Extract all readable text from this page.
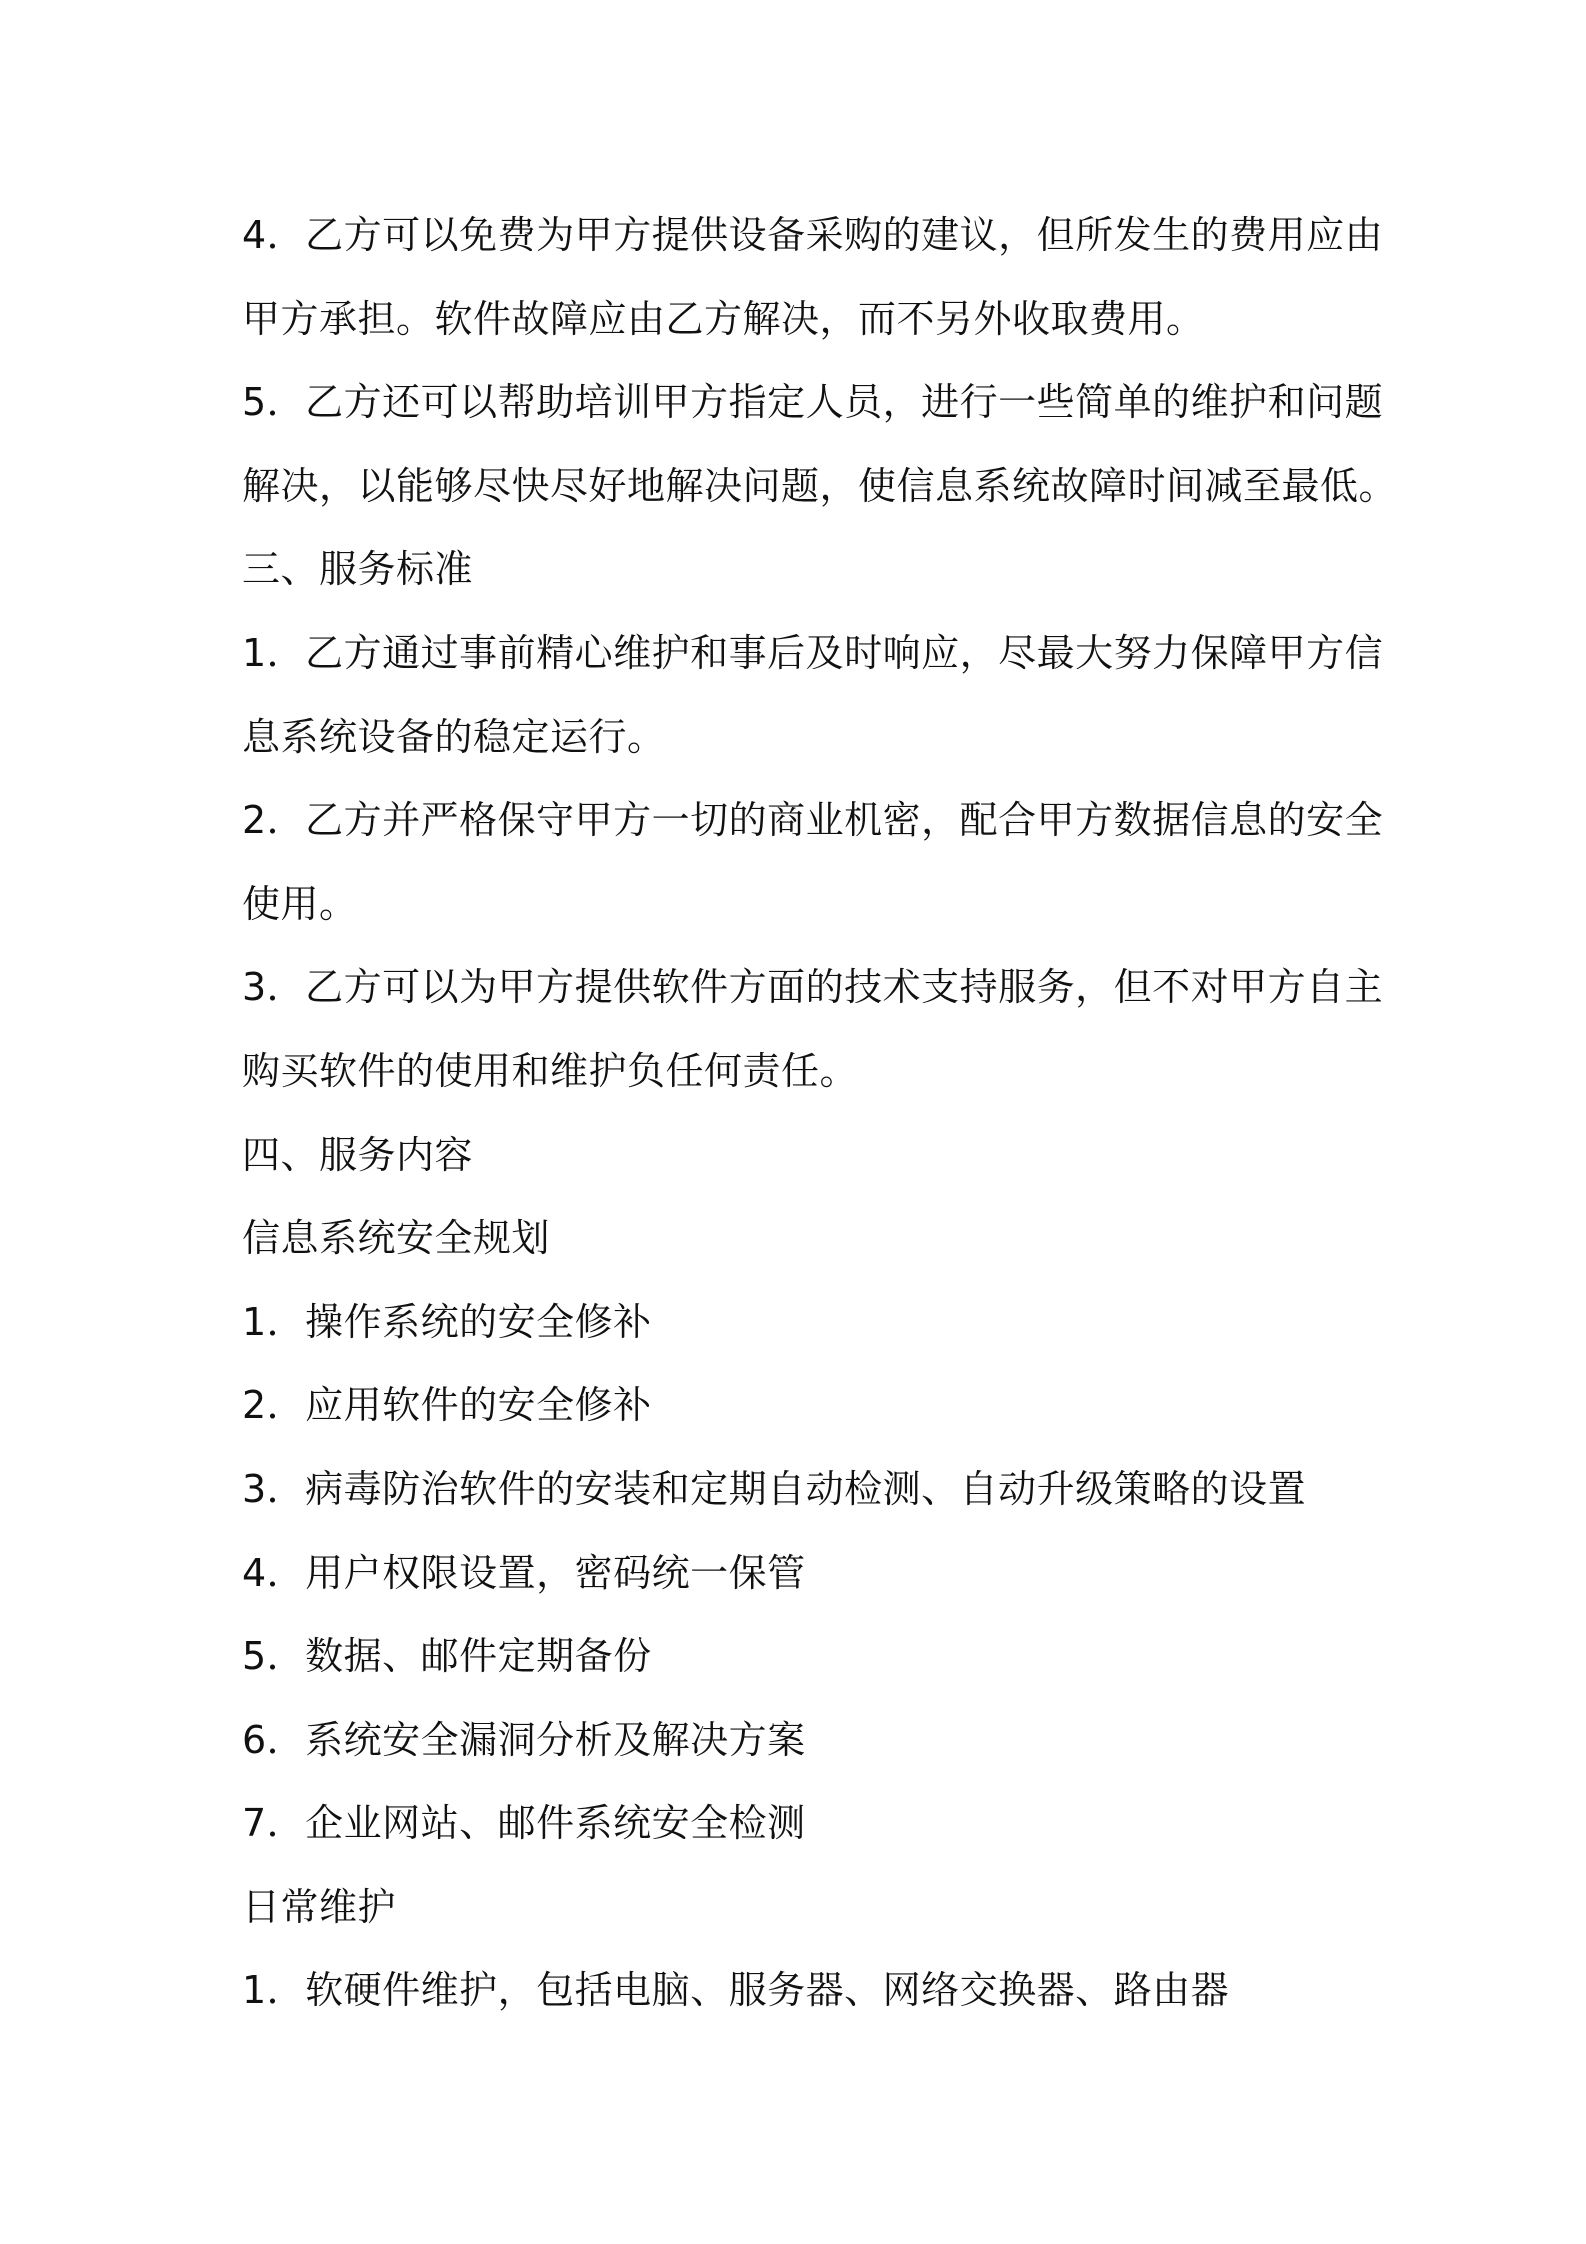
4．乙方可以免费为甲方提供设备采购的建议，但所发生的费用应由
甲方承担。软件故障应由乙方解决，而不另外收取费用。
5．乙方还可以帮助培训甲方指定人员，进行一些简单的维护和问题
解决，以能够尽快尽好地解决问题，使信息系统故障时间减至最低。
三、服务标准
1．乙方通过事前精心维护和事后及时响应，尽最大努力保障甲方信
息系统设备的稳定运行。
2．乙方并严格保守甲方一切的商业机密，配合甲方数据信息的安全
使用。
3．乙方可以为甲方提供软件方面的技术支持服务，但不对甲方自主
购买软件的使用和维护负任何责任。
四、服务内容
信息系统安全规划
1．操作系统的安全修补
2．应用软件的安全修补
3．病毒防治软件的安装和定期自动检测、自动升级策略的设置
4．用户权限设置，密码统一保管
5．数据、邮件定期备份
6．系统安全漏洞分析及解决方案
7．企业网站、邮件系统安全检测
日常维护
1．软硬件维护，包括电脑、服务器、网络交换器、路由器
